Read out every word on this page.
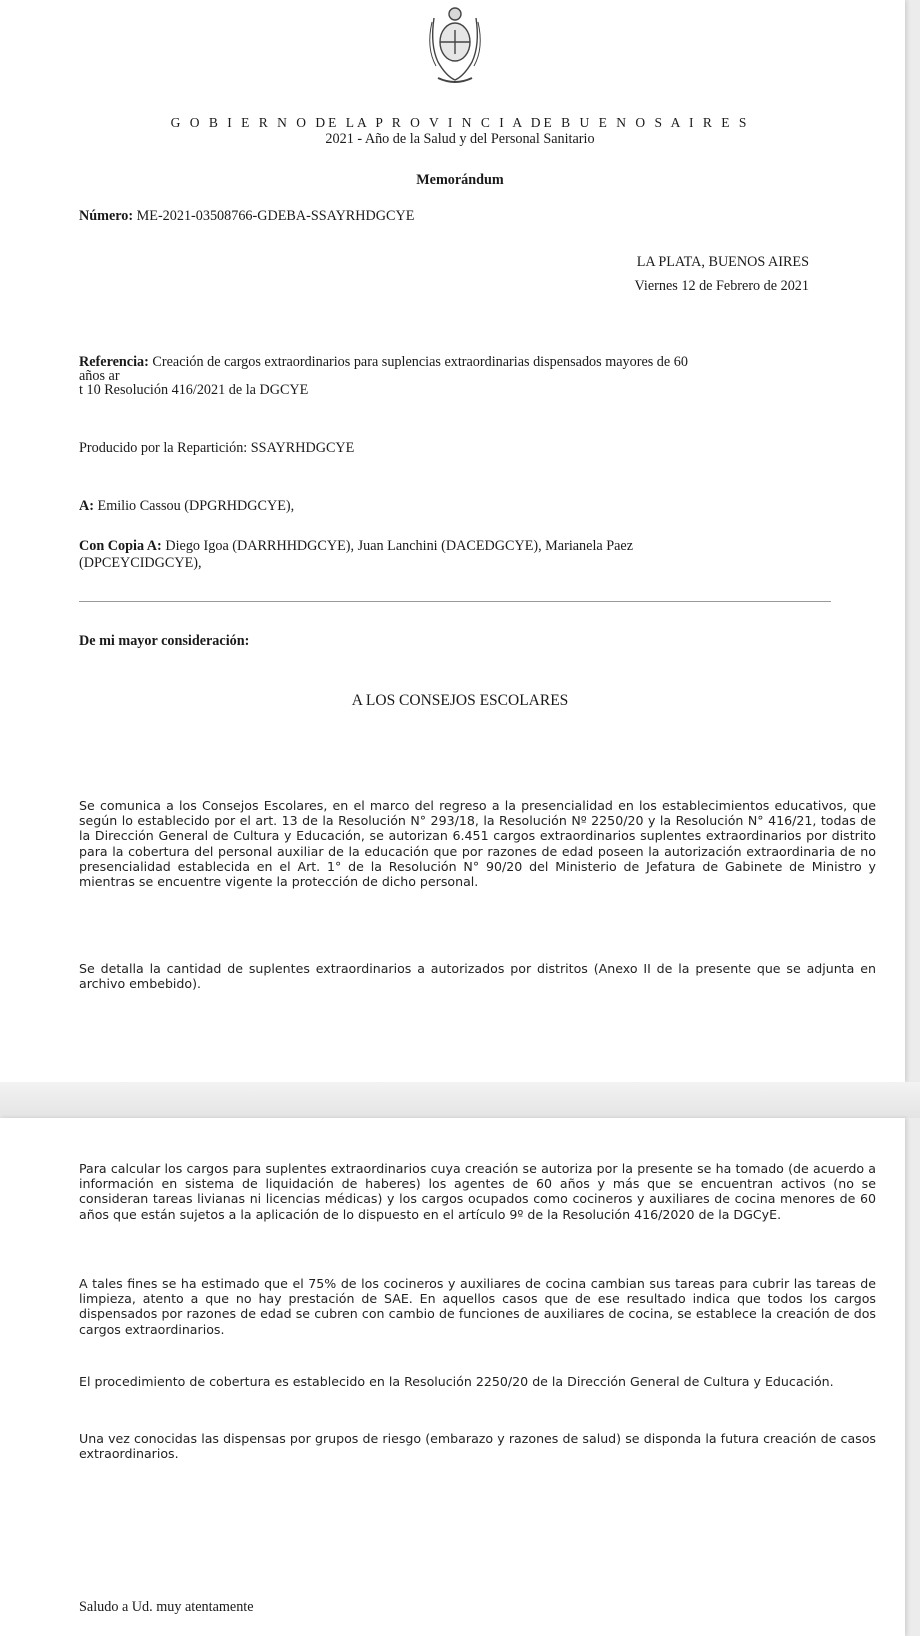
G O B I E R N O DE LA P R O V I N C I A DE B U E N O S A I R E S
2021 - Año de la Salud y del Personal Sanitario
Memorándum
Número: ME-2021-03508766-GDEBA-SSAYRHDGCYE
LA PLATA, BUENOS AIRES
Viernes 12 de Febrero de 2021
Referencia: Creación de cargos extraordinarios para suplencias extraordinarias dispensados mayores de 60
años ar
t 10 Resolución 416/2021 de la DGCYE
Producido por la Repartición: SSAYRHDGCYE
A: Emilio Cassou (DPGRHDGCYE),
Con Copia A: Diego Igoa (DARRHHDGCYE), Juan Lanchini (DACEDGCYE), Marianela Paez
(DPCEYCIDGCYE),
De mi mayor consideración:
A LOS CONSEJOS ESCOLARES

Se comunica a los Consejos Escolares, en el marco del regreso a la presencialidad en los establecimientos educativos, que según lo establecido por el art. 13 de la Resolución N° 293/18, la Resolución Nº 2250/20 y la Resolución N° 416/21, todas de la Dirección General de Cultura y Educación, se autorizan 6.451 cargos extraordinarios suplentes extraordinarios por distrito para la cobertura del personal auxiliar de la educación que por razones de edad poseen la autorización extraordinaria de no presencialidad establecida en el Art. 1° de la Resolución N° 90/20 del Ministerio de Jefatura de Gabinete de Ministro y mientras se encuentre vigente la protección de dicho personal.

Se detalla la cantidad de suplentes extraordinarios a autorizados por distritos (Anexo II de la presente que se adjunta en archivo embebido).

Para calcular los cargos para suplentes extraordinarios cuya creación se autoriza por la presente se ha tomado (de acuerdo a información en sistema de liquidación de haberes) los agentes de 60 años y más que se encuentran activos (no se consideran tareas livianas ni licencias médicas) y los cargos ocupados como cocineros y auxiliares de cocina menores de 60 años que están sujetos a la aplicación de lo dispuesto en el artículo 9º de la Resolución 416/2020 de la DGCyE.

A tales fines se ha estimado que el 75% de los cocineros y auxiliares de cocina cambian sus tareas para cubrir las tareas de limpieza, atento a que no hay prestación de SAE. En aquellos casos que de ese resultado indica que todos los cargos dispensados por razones de edad se cubren con cambio de funciones de auxiliares de cocina, se establece la creación de dos cargos extraordinarios.

El procedimiento de cobertura es establecido en la Resolución 2250/20 de la Dirección General de Cultura y Educación.

Una vez conocidas las dispensas por grupos de riesgo (embarazo y razones de salud) se disponda la futura creación de casos extraordinarios.

Saludo a Ud. muy atentamente
